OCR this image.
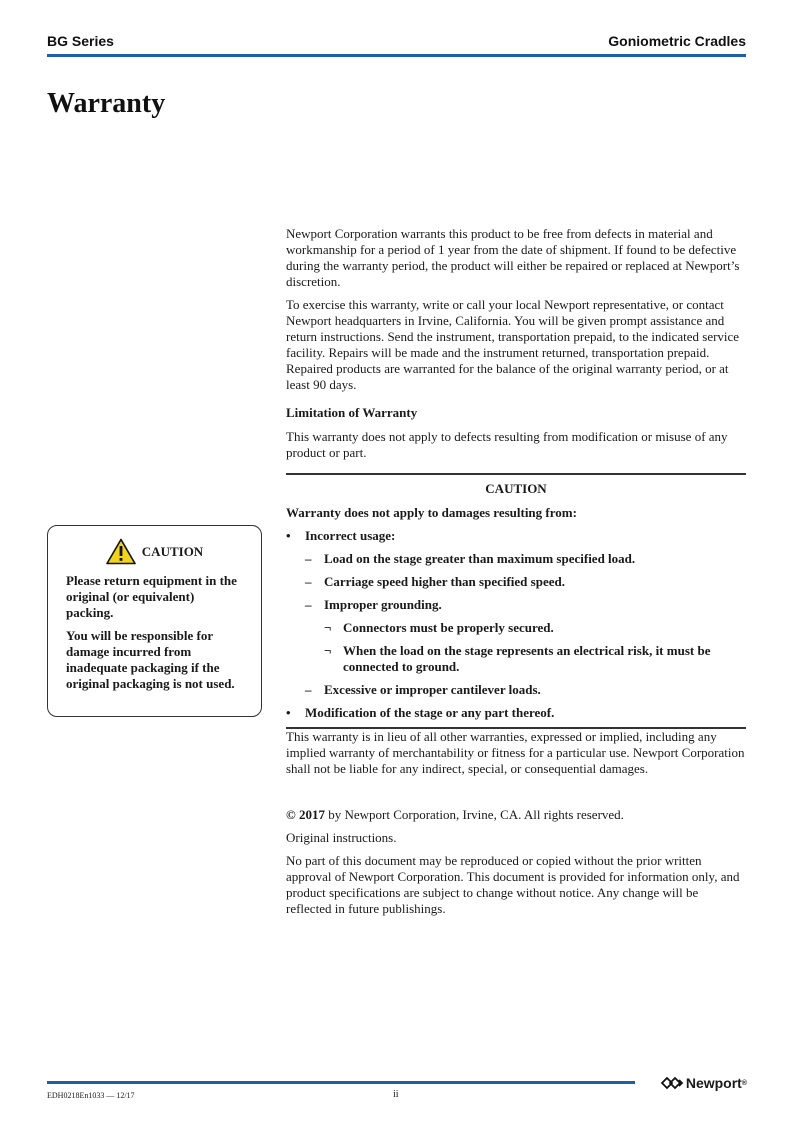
BG Series	Goniometric Cradles
Warranty

Newport Corporation warrants this product to be free from defects in material and workmanship for a period of 1 year from the date of shipment. If found to be defective during the warranty period, the product will either be repaired or replaced at Newport’s discretion.

To exercise this warranty, write or call your local Newport representative, or contact Newport headquarters in Irvine, California. You will be given prompt assistance and return instructions. Send the instrument, transportation prepaid, to the indicated service facility. Repairs will be made and the instrument returned, transportation prepaid. Repaired products are warranted for the balance of the original warranty period, or at least 90 days.

Limitation of Warranty

This warranty does not apply to defects resulting from modification or misuse of any product or part.

CAUTION
Warranty does not apply to damages resulting from:
•	Incorrect usage:
– Load on the stage greater than maximum specified load.
– Carriage speed higher than specified speed.
– Improper grounding.
¬ Connectors must be properly secured.
¬ When the load on the stage represents an electrical risk, it must be connected to ground.
– Excessive or improper cantilever loads.
•	Modification of the stage or any part thereof.

This warranty is in lieu of all other warranties, expressed or implied, including any implied warranty of merchantability or fitness for a particular use. Newport Corporation shall not be liable for any indirect, special, or consequential damages.

© 2017 by Newport Corporation, Irvine, CA. All rights reserved.

Original instructions.

No part of this document may be reproduced or copied without the prior written approval of Newport Corporation. This document is provided for information only, and product specifications are subject to change without notice. Any change will be reflected in future publishings.

CAUTION

Please return equipment in the original (or equivalent) packing.

You will be responsible for damage incurred from inadequate packaging if the original packaging is not used.

EDH0218En1033 — 12/17	ii
Newport ®
